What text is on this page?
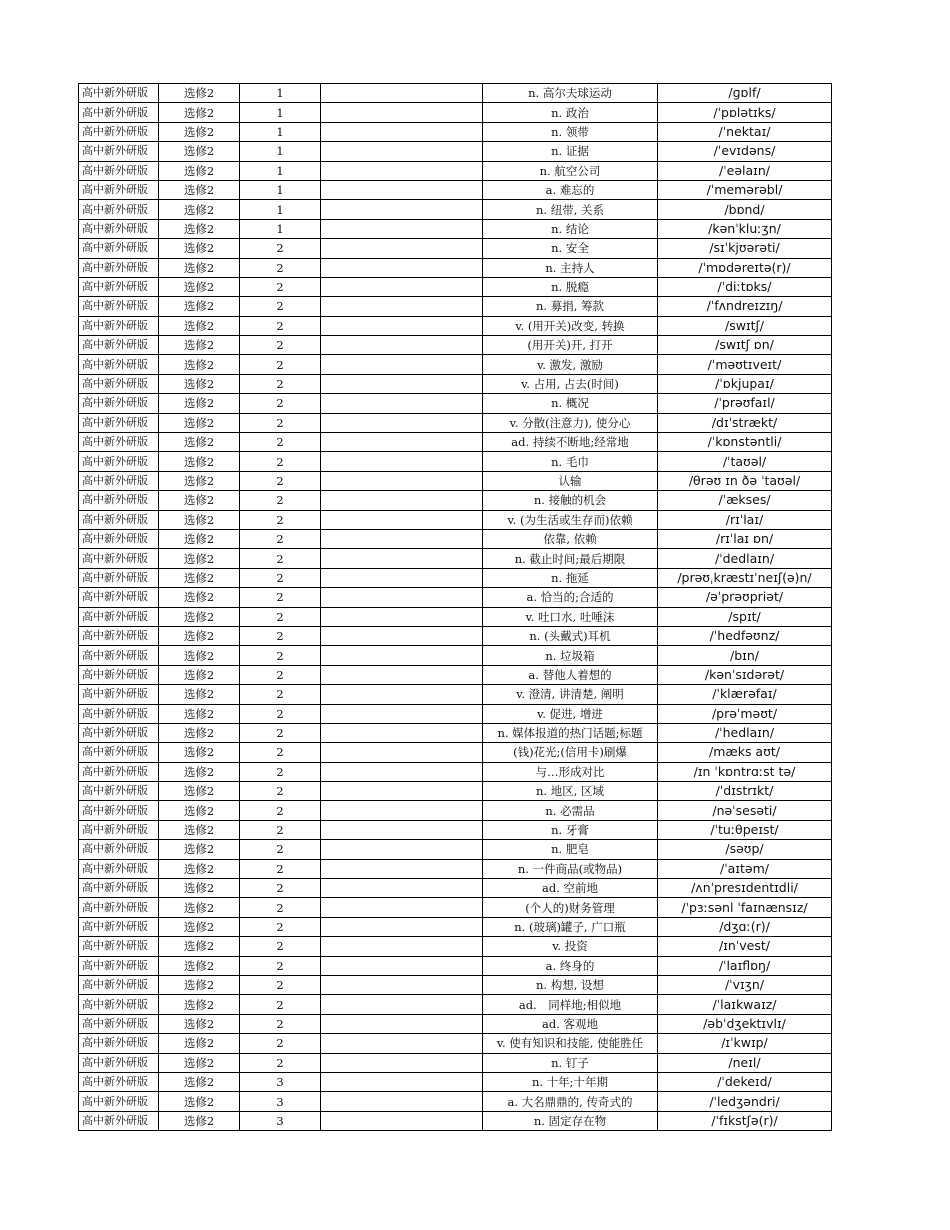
高中新外研版	选修2	1		n. 高尔夫球运动	/ɡɒlf/
高中新外研版	选修2	1		n. 政治	/ˈpɒlətɪks/
高中新外研版	选修2	1		n. 领带	/ˈnektaɪ/
高中新外研版	选修2	1		n. 证据	/ˈevɪdəns/
高中新外研版	选修2	1		n. 航空公司	/ˈeəlaɪn/
高中新外研版	选修2	1		a. 难忘的	/ˈmemərəbl/
高中新外研版	选修2	1		n. 纽带, 关系	/bɒnd/
高中新外研版	选修2	1		n. 结论	/kənˈkluːʒn/
高中新外研版	选修2	2		n. 安全	/sɪˈkjʊərəti/
高中新外研版	选修2	2		n. 主持人	/ˈmɒdəreɪtə(r)/
高中新外研版	选修2	2		n. 脱瘾	/ˈdiːtɒks/
高中新外研版	选修2	2		n. 募捐, 筹款	/ˈfʌndreɪzɪŋ/
高中新外研版	选修2	2		v. (用开关)改变, 转换	/swɪtʃ/
高中新外研版	选修2	2		(用开关)开, 打开	/swɪtʃ ɒn/
高中新外研版	选修2	2		v. 激发, 激励	/ˈməʊtɪveɪt/
高中新外研版	选修2	2		v. 占用, 占去(时间)	/ˈɒkjupaɪ/
高中新外研版	选修2	2		n. 概况	/ˈprəʊfaɪl/
高中新外研版	选修2	2		v. 分散(注意力), 使分心	/dɪˈstrækt/
高中新外研版	选修2	2		ad. 持续不断地;经常地	/ˈkɒnstəntli/
高中新外研版	选修2	2		n. 毛巾	/ˈtaʊəl/
高中新外研版	选修2	2		认输	/θrəʊ ɪn ðə ˈtaʊəl/
高中新外研版	选修2	2		n. 接触的机会	/ˈækses/
高中新外研版	选修2	2		v. (为生活或生存而)依赖	/rɪˈlaɪ/
高中新外研版	选修2	2		依靠, 依赖	/rɪˈlaɪ ɒn/
高中新外研版	选修2	2		n. 截止时间;最后期限	/ˈdedlaɪn/
高中新外研版	选修2	2		n. 拖延	/prəʊˌkræstɪˈneɪʃ(ə)n/
高中新外研版	选修2	2		a. 恰当的;合适的	/əˈprəʊpriət/
高中新外研版	选修2	2		v. 吐口水, 吐唾沫	/spɪt/
高中新外研版	选修2	2		n. (头戴式)耳机	/ˈhedfəʊnz/
高中新外研版	选修2	2		n. 垃圾箱	/bɪn/
高中新外研版	选修2	2		a. 替他人着想的	/kənˈsɪdərət/
高中新外研版	选修2	2		v. 澄清, 讲清楚, 阐明	/ˈklærəfaɪ/
高中新外研版	选修2	2		v. 促进, 增进	/prəˈməʊt/
高中新外研版	选修2	2		n. 媒体报道的热门话题;标题	/ˈhedlaɪn/
高中新外研版	选修2	2		(钱)花光;(信用卡)刷爆	/mæks aʊt/
高中新外研版	选修2	2		与…形成对比	/ɪn ˈkɒntrɑːst tə/
高中新外研版	选修2	2		n. 地区, 区域	/ˈdɪstrɪkt/
高中新外研版	选修2	2		n. 必需品	/nəˈsesəti/
高中新外研版	选修2	2		n. 牙膏	/ˈtuːθpeɪst/
高中新外研版	选修2	2		n. 肥皂	/səʊp/
高中新外研版	选修2	2		n. 一件商品(或物品)	/ˈaɪtəm/
高中新外研版	选修2	2		ad. 空前地	/ʌnˈpresɪdentɪdli/
高中新外研版	选修2	2		(个人的)财务管理	/ˈpɜːsənl ˈfaɪnænsɪz/
高中新外研版	选修2	2		n. (玻璃)罐子, 广口瓶	/dʒɑː(r)/
高中新外研版	选修2	2		v. 投资	/ɪnˈvest/
高中新外研版	选修2	2		a. 终身的	/ˈlaɪflɒŋ/
高中新外研版	选修2	2		n. 构想, 设想	/ˈvɪʒn/
高中新外研版	选修2	2		ad.　同样地;相似地	/ˈlaɪkwaɪz/
高中新外研版	选修2	2		ad. 客观地	/əbˈdʒektɪvlɪ/
高中新外研版	选修2	2		v. 使有知识和技能, 使能胜任	/ɪˈkwɪp/
高中新外研版	选修2	2		n. 钉子	/neɪl/
高中新外研版	选修2	3		n. 十年;十年期	/ˈdekeɪd/
高中新外研版	选修2	3		a. 大名鼎鼎的, 传奇式的	/ˈledʒəndri/
高中新外研版	选修2	3		n. 固定存在物	/ˈfɪkstʃə(r)/
